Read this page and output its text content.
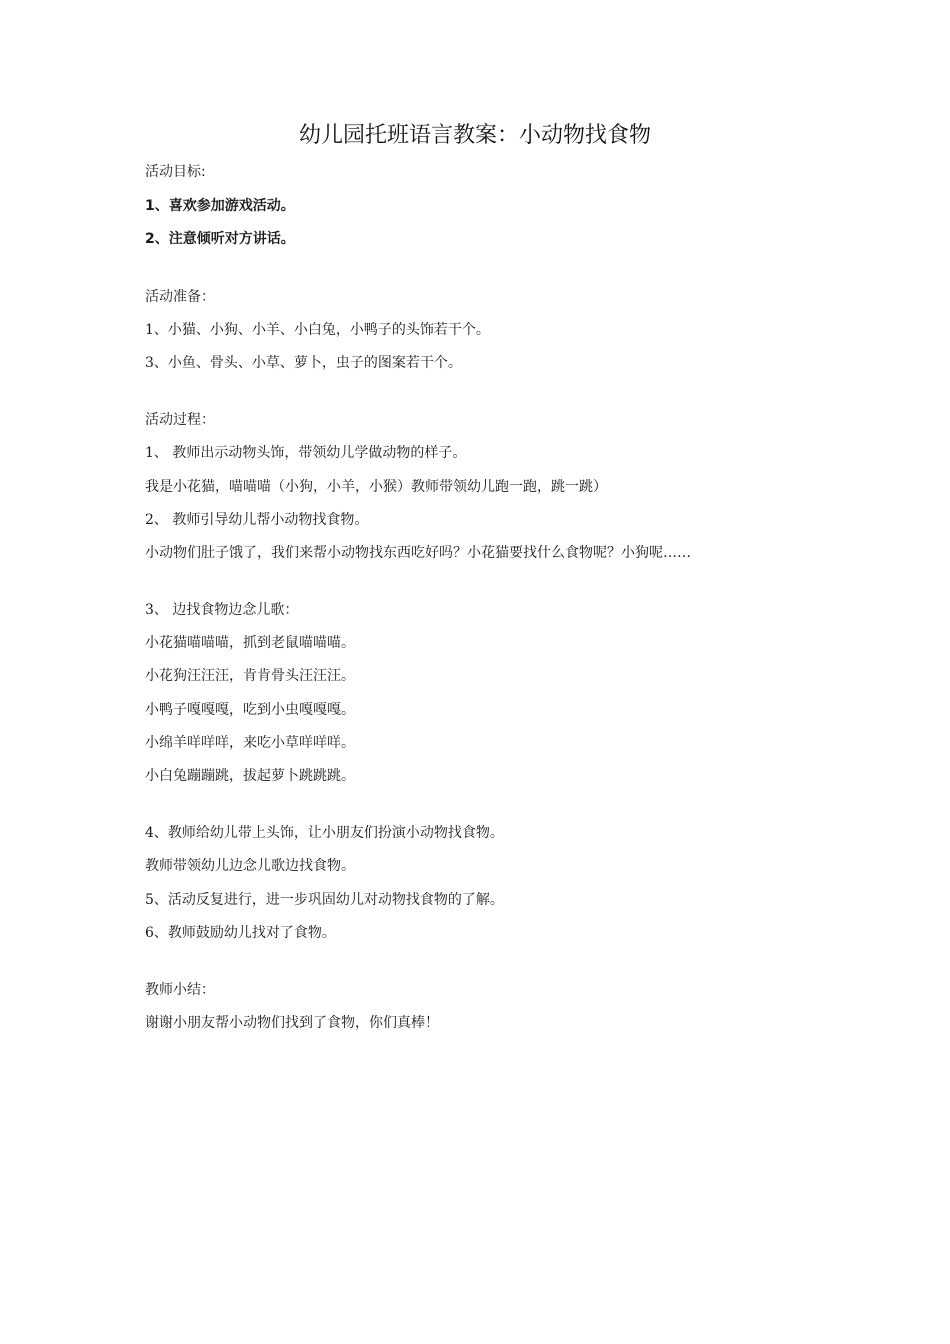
幼儿园托班语言教案：小动物找食物
活动目标:
1、喜欢参加游戏活动。
2、注意倾听对方讲话。
活动准备：
1、小猫、小狗、小羊、小白兔，小鸭子的头饰若干个。
3、小鱼、骨头、小草、萝卜，虫子的图案若干个。
活动过程：
1、 教师出示动物头饰，带领幼儿学做动物的样子。
我是小花猫，喵喵喵（小狗，小羊，小猴）教师带领幼儿跑一跑，跳一跳）
2、 教师引导幼儿帮小动物找食物。
小动物们肚子饿了，我们来帮小动物找东西吃好吗？小花猫要找什么食物呢？小狗呢……
3、 边找食物边念儿歌：
小花猫喵喵喵，抓到老鼠喵喵喵。
小花狗汪汪汪，肯肯骨头汪汪汪。
小鸭子嘎嘎嘎，吃到小虫嘎嘎嘎。
小绵羊咩咩咩，来吃小草咩咩咩。
小白兔蹦蹦跳，拔起萝卜跳跳跳。
4、教师给幼儿带上头饰，让小朋友们扮演小动物找食物。
教师带领幼儿边念儿歌边找食物。
5、活动反复进行，进一步巩固幼儿对动物找食物的了解。
6、教师鼓励幼儿找对了食物。
教师小结：
谢谢小朋友帮小动物们找到了食物，你们真棒！
